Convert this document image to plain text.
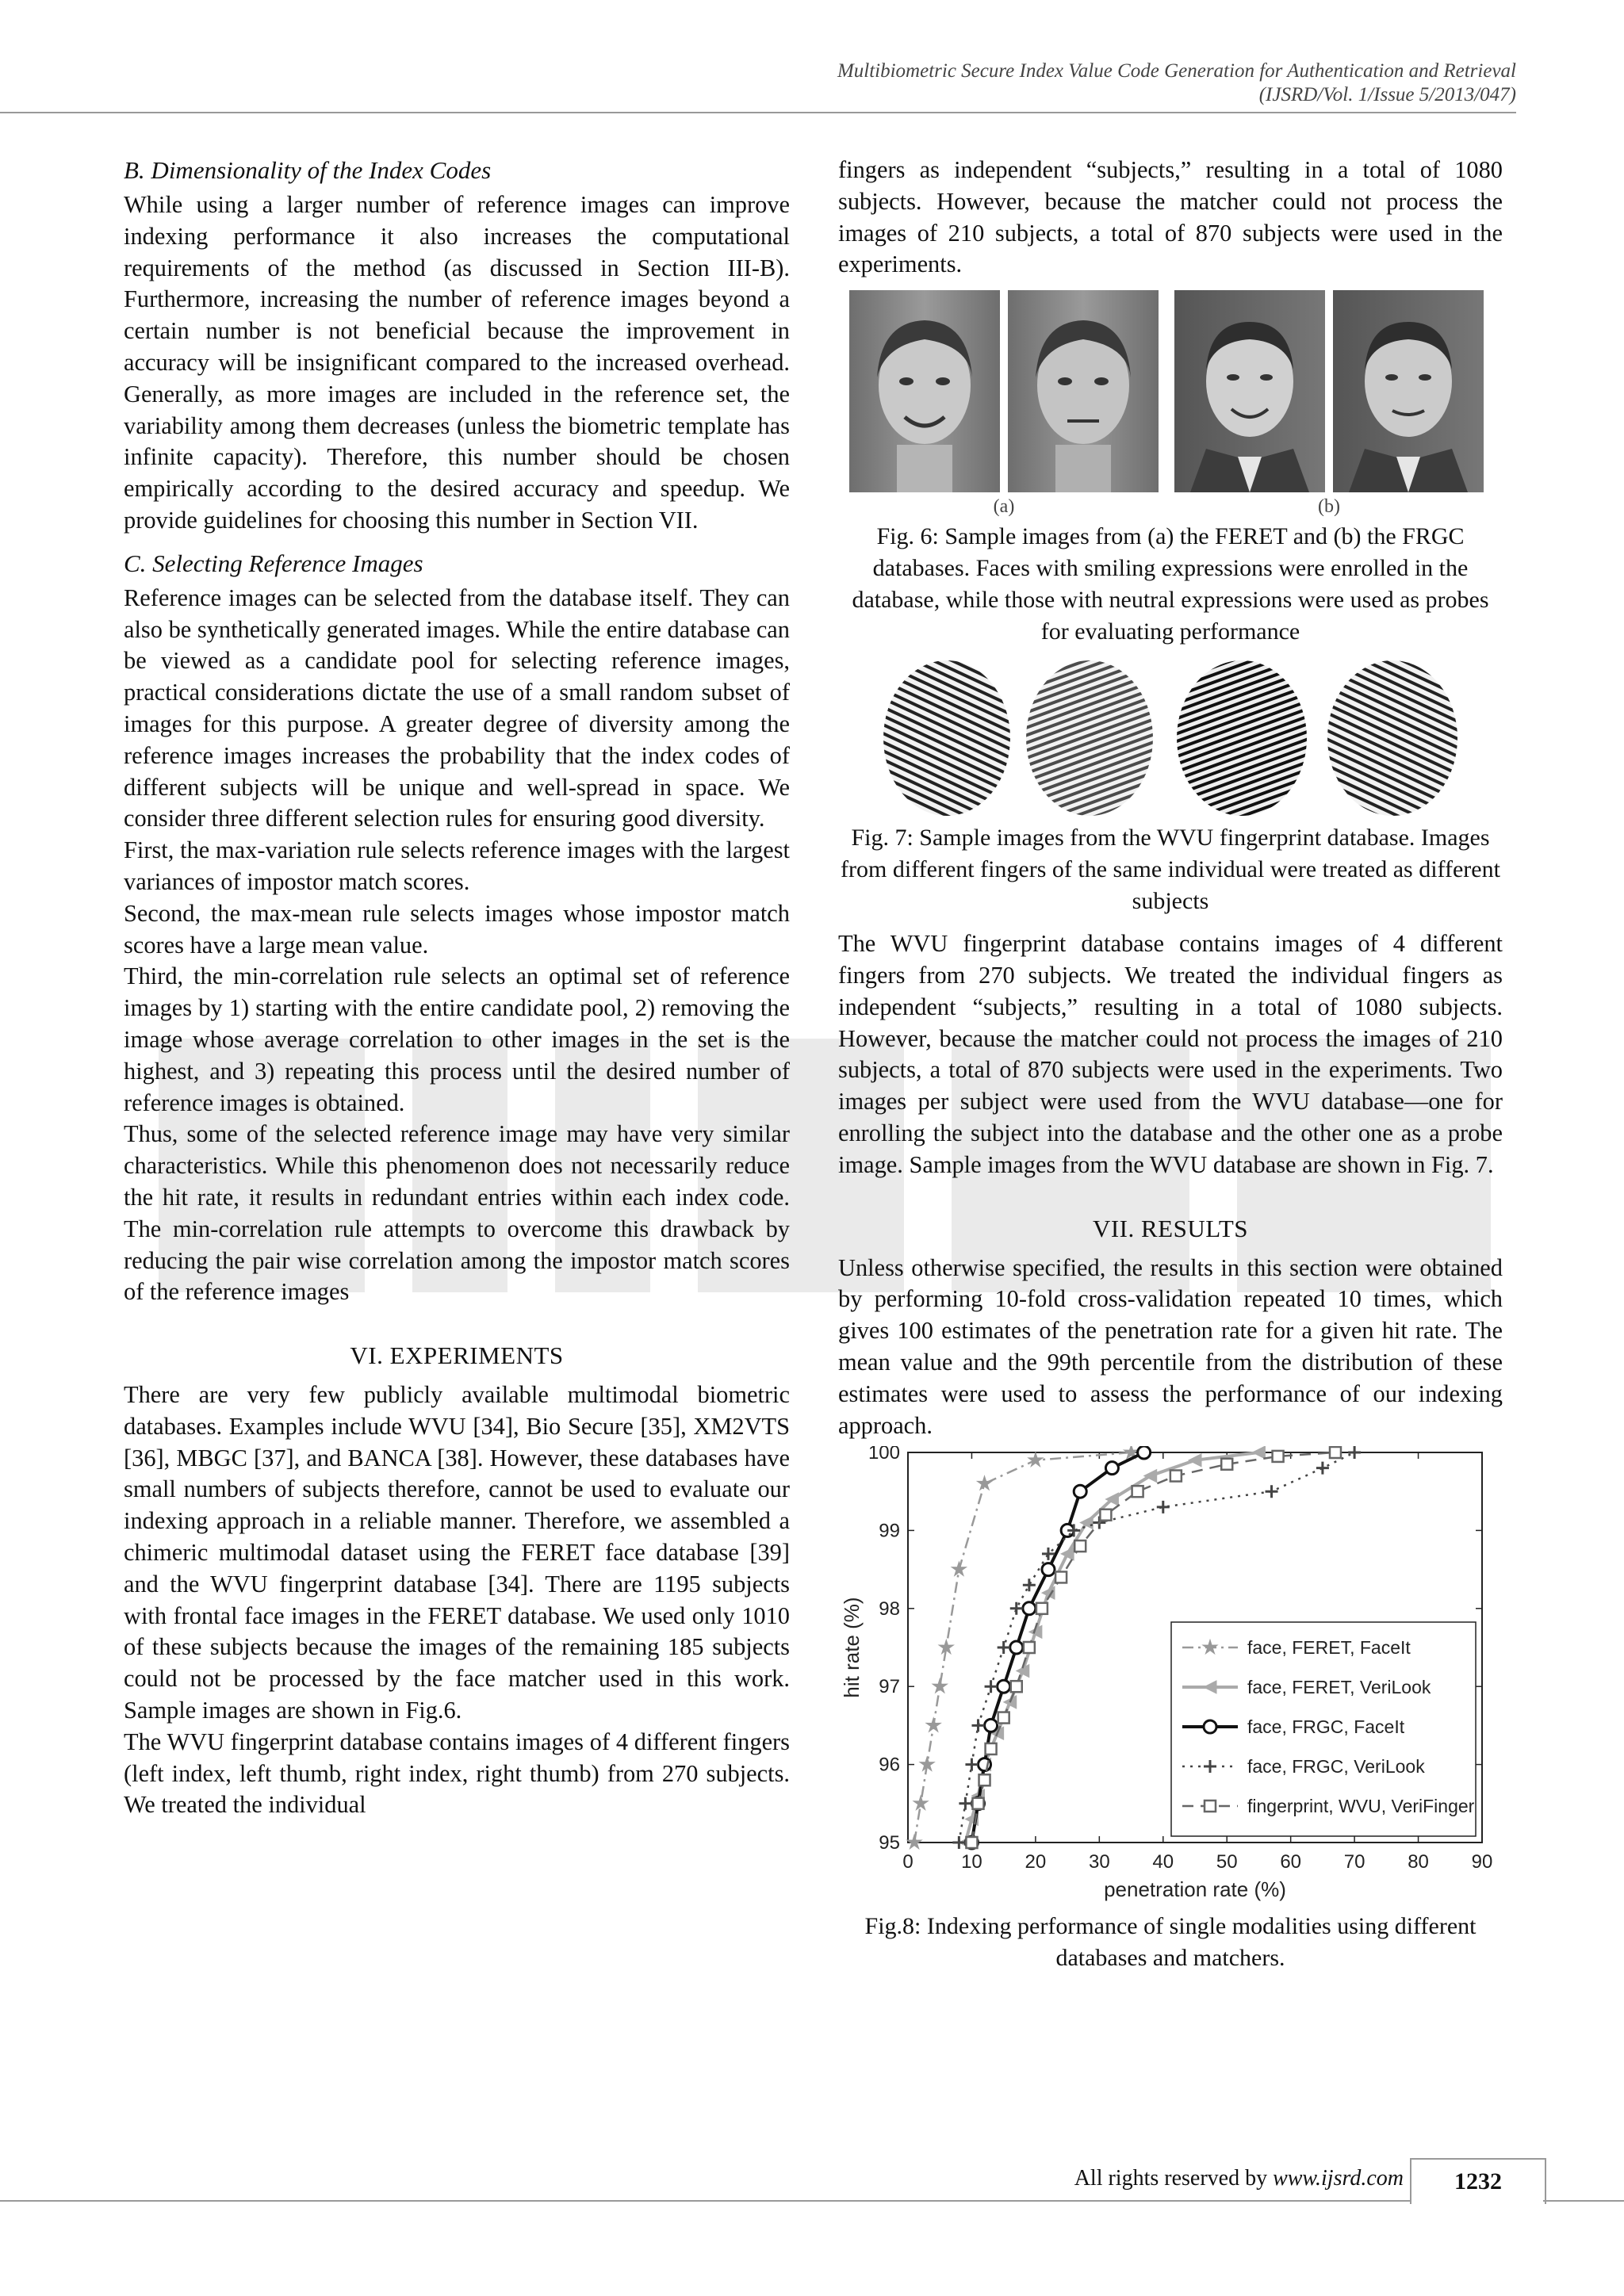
Multibiometric Secure Index Value Code Generation for Authentication and Retrieval
(IJSRD/Vol. 1/Issue 5/2013/047)
B. Dimensionality of the Index Codes

While using a larger number of reference images can improve indexing performance it also increases the computational requirements of the method (as discussed in Section III-B). Furthermore, increasing the number of reference images beyond a certain number is not beneficial because the improvement in accuracy will be insignificant compared to the increased overhead. Generally, as more images are included in the reference set, the variability among them decreases (unless the biometric template has infinite capacity). Therefore, this number should be chosen empirically according to the desired accuracy and speedup. We provide guidelines for choosing this number in Section VII.

C. Selecting Reference Images

Reference images can be selected from the database itself. They can also be synthetically generated images. While the entire database can be viewed as a candidate pool for selecting reference images, practical considerations dictate the use of a small random subset of images for this purpose. A greater degree of diversity among the reference images increases the probability that the index codes of different subjects will be unique and well-spread in space. We consider three different selection rules for ensuring good diversity.

First, the max-variation rule selects reference images with the largest variances of impostor match scores.

Second, the max-mean rule selects images whose impostor match scores have a large mean value.

Third, the min-correlation rule selects an optimal set of reference images by 1) starting with the entire candidate pool, 2) removing the image whose average correlation to other images in the set is the highest, and 3) repeating this process until the desired number of reference images is obtained.

Thus, some of the selected reference image may have very similar characteristics. While this phenomenon does not necessarily reduce the hit rate, it results in redundant entries within each index code. The min-correlation rule attempts to overcome this drawback by reducing the pair wise correlation among the impostor match scores of the reference images

VI. EXPERIMENTS

There are very few publicly available multimodal biometric databases. Examples include WVU [34], Bio Secure [35], XM2VTS [36], MBGC [37], and BANCA [38]. However, these databases have small numbers of subjects therefore, cannot be used to evaluate our indexing approach in a reliable manner. Therefore, we assembled a chimeric multimodal dataset using the FERET face database [39] and the WVU fingerprint database [34]. There are 1195 subjects with frontal face images in the FERET database. We used only 1010 of these subjects because the images of the remaining 185 subjects could not be processed by the face matcher used in this work. Sample images are shown in Fig.6.

The WVU fingerprint database contains images of 4 different fingers (left index, left thumb, right index, right thumb) from 270 subjects. We treated the individual

fingers as independent “subjects,” resulting in a total of 1080 subjects. However, because the matcher could not process the images of 210 subjects, a total of 870 subjects were used in the experiments.

(a)	(b)
Fig. 6: Sample images from (a) the FERET and (b) the FRGC databases. Faces with smiling expressions were enrolled in the database, while those with neutral expressions were used as probes for evaluating performance
Fig. 7: Sample images from the WVU fingerprint database. Images from different fingers of the same individual were treated as different subjects

The WVU fingerprint database contains images of 4 different fingers from 270 subjects. We treated the individual fingers as independent “subjects,” resulting in a total of 1080 subjects. However, because the matcher could not process the images of 210 subjects, a total of 870 subjects were used in the experiments. Two images per subject were used from the WVU database—one for enrolling the subject into the database and the other one as a probe image. Sample images from the WVU database are shown in Fig. 7.

VII. RESULTS

Unless otherwise specified, the results in this section were obtained by performing 10-fold cross-validation repeated 10 times, which gives 100 estimates of the penetration rate for a given hit rate. The mean value and the 99th percentile from the distribution of these estimates were used to assess the performance of our indexing approach.

0	10 20 30 40 50 60 70 80 90
95
96
97
98
99
100
penetration rate (%)
hit rate (%)	face, FERET, FaceIt
face, FERET, VeriLook
face, FRGC, FaceIt
face, FRGC, VeriLook
fingerprint, WVU, VeriFinger
Fig.8: Indexing performance of single modalities using different databases and matchers.
All rights reserved by www.ijsrd.com	1232
